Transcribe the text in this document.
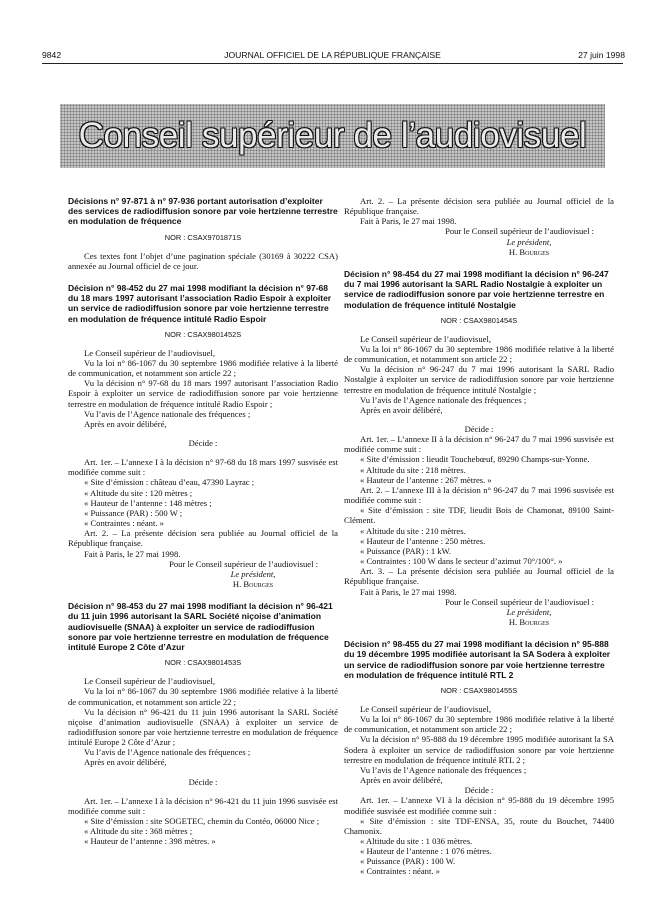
9842	JOURNAL OFFICIEL DE LA RÉPUBLIQUE FRANÇAISE	27 juin 1998
Conseil supérieur de l’audiovisuel

Décisions n° 97-871 à n° 97-936 portant autorisation d’exploiter des services de radiodiffusion sonore par voie hertzienne terrestre en modulation de fréquence

NOR : CSAX9701871S

Ces textes font l’objet d’une pagination spéciale (30169 à 30222 CSA) annexée au Journal officiel de ce jour.

Décision n° 98-452 du 27 mai 1998 modifiant la décision n° 97-68 du 18 mars 1997 autorisant l’association Radio Espoir à exploiter un service de radiodiffusion sonore par voie hertzienne terrestre en modulation de fréquence intitulé Radio Espoir

NOR : CSAX9801452S

Le Conseil supérieur de l’audiovisuel,

Vu la loi n° 86-1067 du 30 septembre 1986 modifiée relative à la liberté de communication, et notamment son article 22 ;

Vu la décision n° 97-68 du 18 mars 1997 autorisant l’association Radio Espoir à exploiter un service de radiodiffusion sonore par voie hertzienne terrestre en modulation de fréquence intitulé Radio Espoir ;

Vu l’avis de l’Agence nationale des fréquences ;

Après en avoir délibéré,

Décide :

Art. 1er. – L’annexe I à la décision n° 97-68 du 18 mars 1997 susvisée est modifiée comme suit :

« Site d’émission : château d’eau, 47390 Layrac ;

« Altitude du site : 120 mètres ;

« Hauteur de l’antenne : 148 mètres ;

« Puissance (PAR) : 500 W ;

« Contraintes : néant. »

Art. 2. – La présente décision sera publiée au Journal officiel de la République française.

Fait à Paris, le 27 mai 1998.

Pour le Conseil supérieur de l’audiovisuel :

Le président,

H. Bourges

Décision n° 98-453 du 27 mai 1998 modifiant la décision n° 96-421 du 11 juin 1996 autorisant la SARL Société niçoise d’animation audiovisuelle (SNAA) à exploiter un service de radiodiffusion sonore par voie hertzienne terrestre en modulation de fréquence intitulé Europe 2 Côte d’Azur

NOR : CSAX9801453S

Le Conseil supérieur de l’audiovisuel,

Vu la loi n° 86-1067 du 30 septembre 1986 modifiée relative à la liberté de communication, et notamment son article 22 ;

Vu la décision n° 96-421 du 11 juin 1996 autorisant la SARL Société niçoise d’animation audiovisuelle (SNAA) à exploiter un service de radiodiffusion sonore par voie hertzienne terrestre en modulation de fréquence intitulé Europe 2 Côte d’Azur ;

Vu l’avis de l’Agence nationale des fréquences ;

Après en avoir délibéré,

Décide :

Art. 1er. – L’annexe I à la décision n° 96-421 du 11 juin 1996 susvisée est modifiée comme suit :

« Site d’émission : site SOGETEC, chemin du Contéo, 06000 Nice ;

« Altitude du site : 368 mètres ;

« Hauteur de l’antenne : 398 mètres. »

Art. 2. – La présente décision sera publiée au Journal officiel de la République française.

Fait à Paris, le 27 mai 1998.

Pour le Conseil supérieur de l’audiovisuel :

Le président,

H. Bourges

Décision n° 98-454 du 27 mai 1998 modifiant la décision n° 96-247 du 7 mai 1996 autorisant la SARL Radio Nostalgie à exploiter un service de radiodiffusion sonore par voie hertzienne terrestre en modulation de fréquence intitulé Nostalgie

NOR : CSAX9801454S

Le Conseil supérieur de l’audiovisuel,

Vu la loi n° 86-1067 du 30 septembre 1986 modifiée relative à la liberté de communication, et notamment son article 22 ;

Vu la décision n° 96-247 du 7 mai 1996 autorisant la SARL Radio Nostalgie à exploiter un service de radiodiffusion sonore par voie hertzienne terrestre en modulation de fréquence intitulé Nostalgie ;

Vu l’avis de l’Agence nationale des fréquences ;

Après en avoir délibéré,

Décide :

Art. 1er. – L’annexe II à la décision n° 96-247 du 7 mai 1996 susvisée est modifiée comme suit :

« Site d’émission : lieudit Touchebœuf, 89290 Champs-sur-Yonne.

« Altitude du site : 218 mètres.

« Hauteur de l’antenne : 267 mètres. »

Art. 2. – L’annexe III à la décision n° 96-247 du 7 mai 1996 susvisée est modifiée comme suit :

« Site d’émission : site TDF, lieudit Bois de Chamonat, 89100 Saint-Clément.

« Altitude du site : 210 mètres.

« Hauteur de l’antenne : 250 mètres.

« Puissance (PAR) : 1 kW.

« Contraintes : 100 W dans le secteur d’azimut 70°/100°. »

Art. 3. – La présente décision sera publiée au Journal officiel de la République française.

Fait à Paris, le 27 mai 1998.

Pour le Conseil supérieur de l’audiovisuel :

Le président,

H. Bourges

Décision n° 98-455 du 27 mai 1998 modifiant la décision n° 95-888 du 19 décembre 1995 modifiée autorisant la SA Sodera à exploiter un service de radiodiffusion sonore par voie hertzienne terrestre en modulation de fréquence intitulé RTL 2

NOR : CSAX9801455S

Le Conseil supérieur de l’audiovisuel,

Vu la loi n° 86-1067 du 30 septembre 1986 modifiée relative à la liberté de communication, et notamment son article 22 ;

Vu la décision n° 95-888 du 19 décembre 1995 modifiée autorisant la SA Sodera à exploiter un service de radiodiffusion sonore par voie hertzienne terrestre en modulation de fréquence intitulé RTL 2 ;

Vu l’avis de l’Agence nationale des fréquences ;

Après en avoir délibéré,

Décide :

Art. 1er. – L’annexe VI à la décision n° 95-888 du 19 décembre 1995 modifiée susvisée est modifiée comme suit :

« Site d’émission : site TDF-ENSA, 35, route du Bouchet, 74400 Chamonix.

« Altitude du site : 1 036 mètres.

« Hauteur de l’antenne : 1 076 mètres.

« Puissance (PAR) : 100 W.

« Contraintes : néant. »
